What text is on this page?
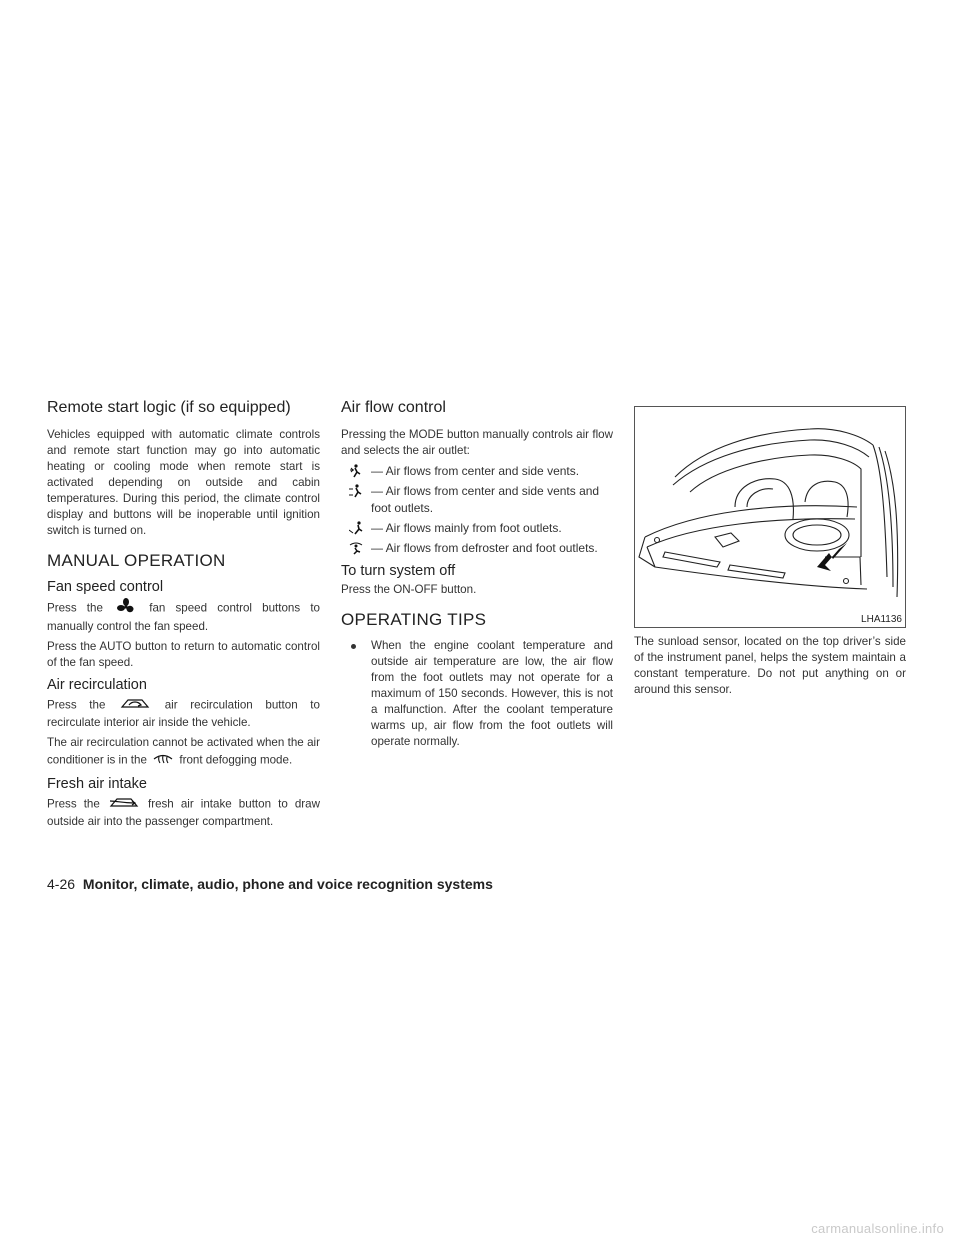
Remote start logic (if so equipped)

Vehicles equipped with automatic climate controls and remote start function may go into automatic heating or cooling mode when remote start is activated depending on outside and cabin temperatures. During this period, the climate control display and buttons will be inoperable until ignition switch is turned on.

MANUAL OPERATION
Fan speed control

Press the	fan speed control buttons to manually control the fan speed.

Press the AUTO button to return to automatic control of the fan speed.

Air recirculation

Press the	air recirculation button to recirculate interior air inside the vehicle.

The air recirculation cannot be activated when the air conditioner is in the	front defogging mode.

Fresh air intake

Press the	fresh air intake button to draw outside air into the passenger compartment.

Air flow control

Pressing the MODE button manually controls air flow and selects the air outlet:

— Air flows from center and side vents.
— Air flows from center and side vents and foot outlets.
— Air flows mainly from foot outlets.
— Air flows from defroster and foot outlets.
To turn system off

Press the ON-OFF button.

OPERATING TIPS
When the engine coolant temperature and outside air temperature are low, the air flow from the foot outlets may not operate for a maximum of 150 seconds. However, this is not a malfunction. After the coolant temperature warms up, air flow from the foot outlets will operate normally.
LHA1136

The sunload sensor, located on the top driver’s side of the instrument panel, helps the system maintain a constant temperature. Do not put anything on or around this sensor.

4-26 Monitor, climate, audio, phone and voice recognition systems
carmanualsonline.info
